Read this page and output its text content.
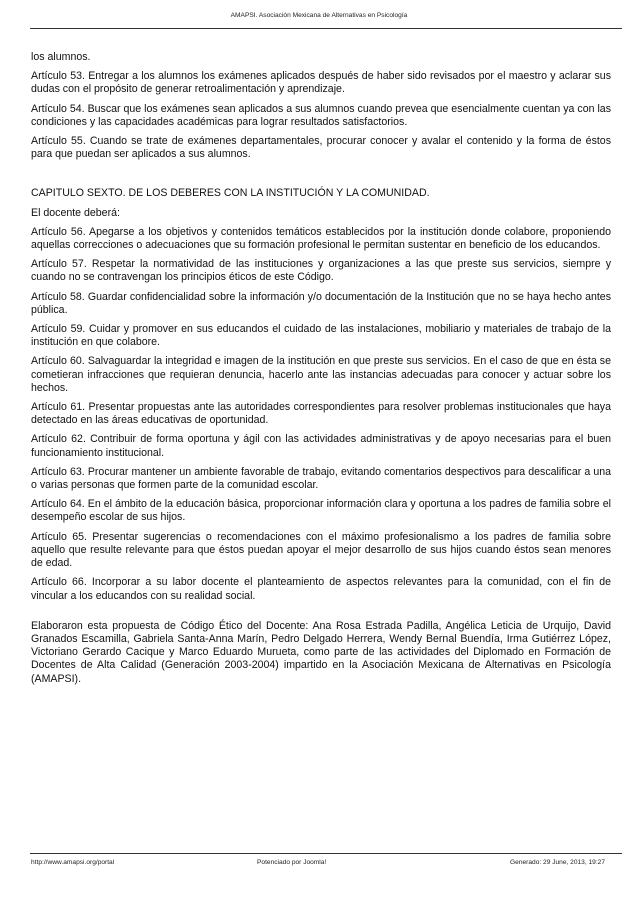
AMAPSI. Asociación Mexicana de Alternativas en Psicología

los alumnos.

Artículo 53. Entregar a los alumnos los exámenes aplicados después de haber sido revisados por el maestro y aclarar sus dudas con el propósito de generar retroalimentación y aprendizaje.

Artículo 54. Buscar que los exámenes sean aplicados a sus alumnos cuando prevea que esencialmente cuentan ya con las condiciones y las capacidades académicas para lograr resultados satisfactorios.

Artículo 55. Cuando se trate de exámenes departamentales, procurar conocer y avalar el contenido y la forma de éstos para que puedan ser aplicados a sus alumnos.

CAPITULO SEXTO. DE LOS DEBERES CON LA INSTITUCIÓN Y LA COMUNIDAD.

El docente deberá:

Artículo 56. Apegarse a los objetivos y contenidos temáticos establecidos por la institución donde colabore, proponiendo aquellas correcciones o adecuaciones que su formación profesional le permitan sustentar en beneficio de los educandos.

Artículo 57. Respetar la normatividad de las instituciones y organizaciones a las que preste sus servicios, siempre y cuando no se contravengan los principios éticos de este Código.

Artículo 58. Guardar confidencialidad sobre la información y/o documentación de la Institución que no se haya hecho antes pública.

Artículo 59. Cuidar y promover en sus educandos el cuidado de las instalaciones, mobiliario y materiales de trabajo de la institución en que colabore.

Artículo 60. Salvaguardar la integridad e imagen de la institución en que preste sus servicios. En el caso de que en ésta se cometieran infracciones que requieran denuncia, hacerlo ante las instancias adecuadas para conocer y actuar sobre los hechos.

Artículo 61. Presentar propuestas ante las autoridades correspondientes para resolver problemas institucionales que haya detectado en las áreas educativas de oportunidad.

Artículo 62. Contribuir de forma oportuna y ágil con las actividades administrativas y de apoyo necesarias para el buen funcionamiento institucional.

Artículo 63. Procurar mantener un ambiente favorable de trabajo, evitando comentarios despectivos para descalificar a una o varias personas que formen parte de la comunidad escolar.

Artículo 64. En el ámbito de la educación básica, proporcionar información clara y oportuna a los padres de familia sobre el desempeño escolar de sus hijos.

Artículo 65. Presentar sugerencias o recomendaciones con el máximo profesionalismo a los padres de familia sobre aquello que resulte relevante para que éstos puedan apoyar el mejor desarrollo de sus hijos cuando éstos sean menores de edad.

Artículo 66. Incorporar a su labor docente el planteamiento de aspectos relevantes para la comunidad, con el fin de vincular a los educandos con su realidad social.

Elaboraron esta propuesta de Código Ético del Docente: Ana Rosa Estrada Padilla, Angélica Leticia de Urquijo, David Granados Escamilla, Gabriela Santa-Anna Marín, Pedro Delgado Herrera, Wendy Bernal Buendía, Irma Gutiérrez López, Victoriano Gerardo Cacique y Marco Eduardo Murueta, como parte de las actividades del Diplomado en Formación de Docentes de Alta Calidad (Generación 2003-2004) impartido en la Asociación Mexicana de Alternativas en Psicología (AMAPSI).

http://www.amapsi.org/portal	Potenciado por Joomla!	Generado: 29 June, 2013, 19:27
